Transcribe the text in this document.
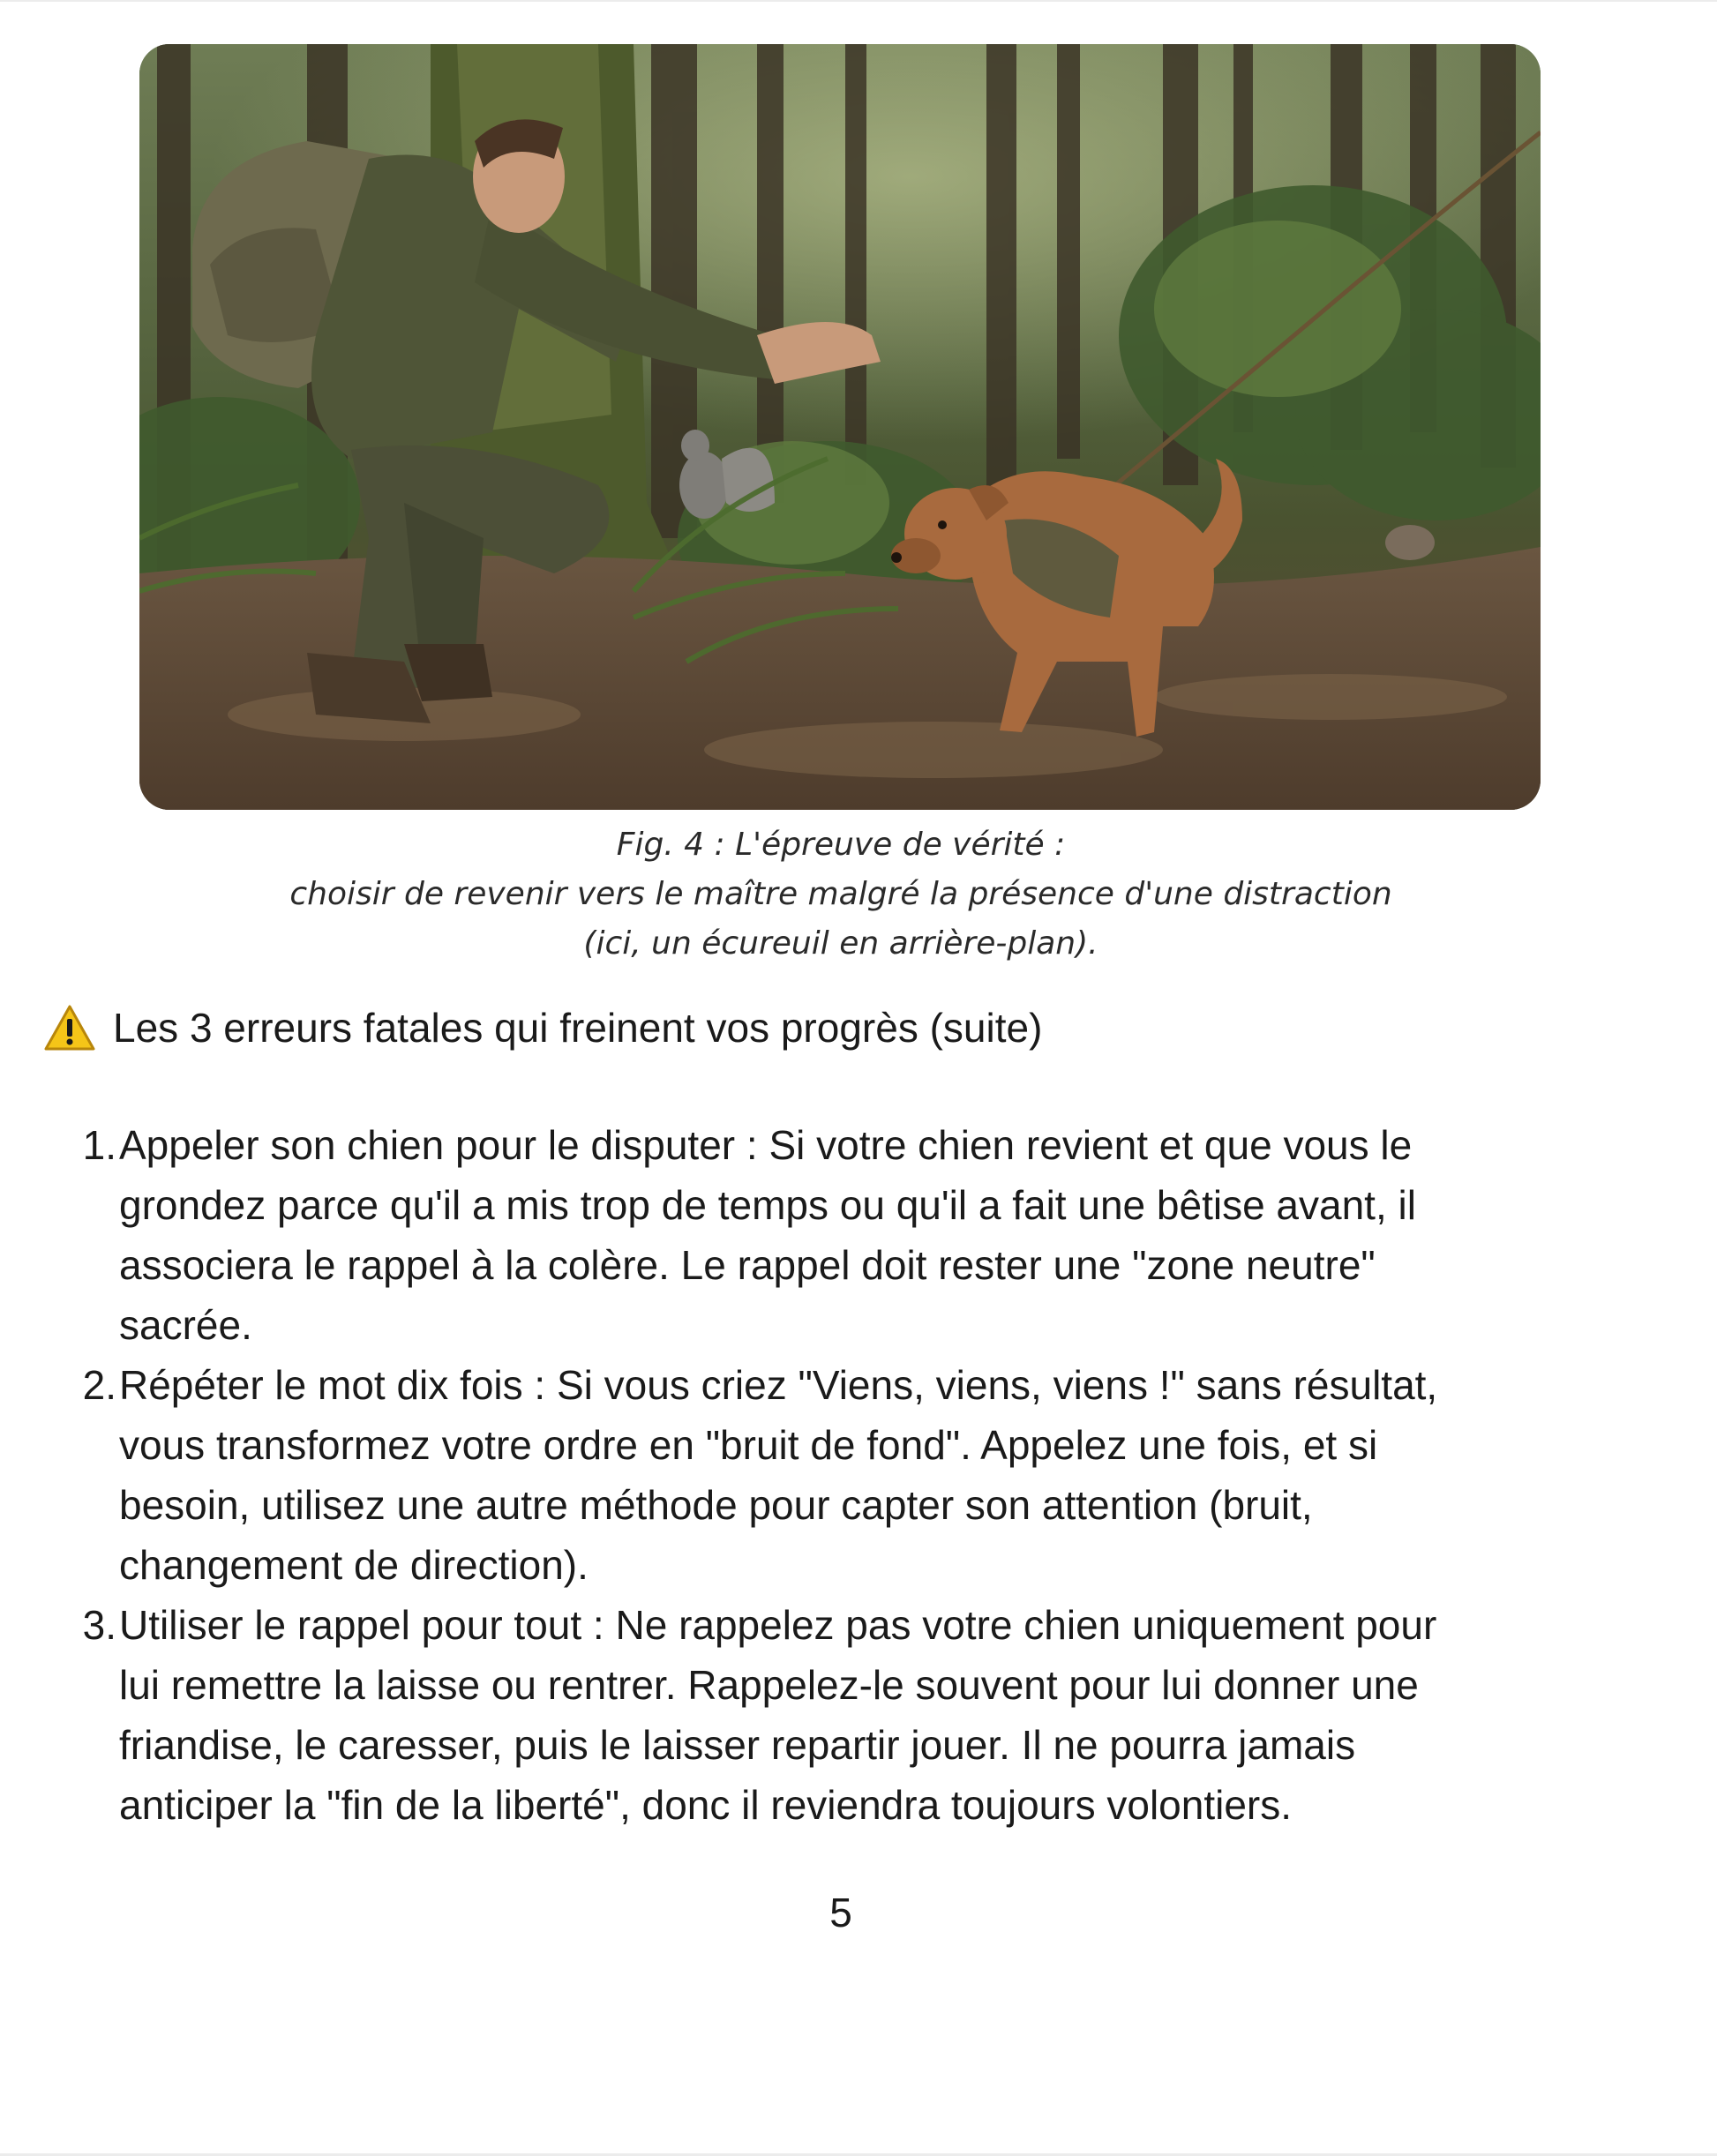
Fig. 4 : L'épreuve de vérité :
choisir de revenir vers le maître malgré la présence d'une distraction
(ici, un écureuil en arrière-plan).
Les 3 erreurs fatales qui freinent vos progrès (suite)
1. Appeler son chien pour le disputer : Si votre chien revient et que vous le
grondez parce qu'il a mis trop de temps ou qu'il a fait une bêtise avant, il
associera le rappel à la colère. Le rappel doit rester une "zone neutre"
sacrée.
2. Répéter le mot dix fois : Si vous criez "Viens, viens, viens !" sans résultat,
vous transformez votre ordre en "bruit de fond". Appelez une fois, et si
besoin, utilisez une autre méthode pour capter son attention (bruit,
changement de direction).
3. Utiliser le rappel pour tout : Ne rappelez pas votre chien uniquement pour
lui remettre la laisse ou rentrer. Rappelez-le souvent pour lui donner une
friandise, le caresser, puis le laisser repartir jouer. Il ne pourra jamais
anticiper la "fin de la liberté", donc il reviendra toujours volontiers.
5
